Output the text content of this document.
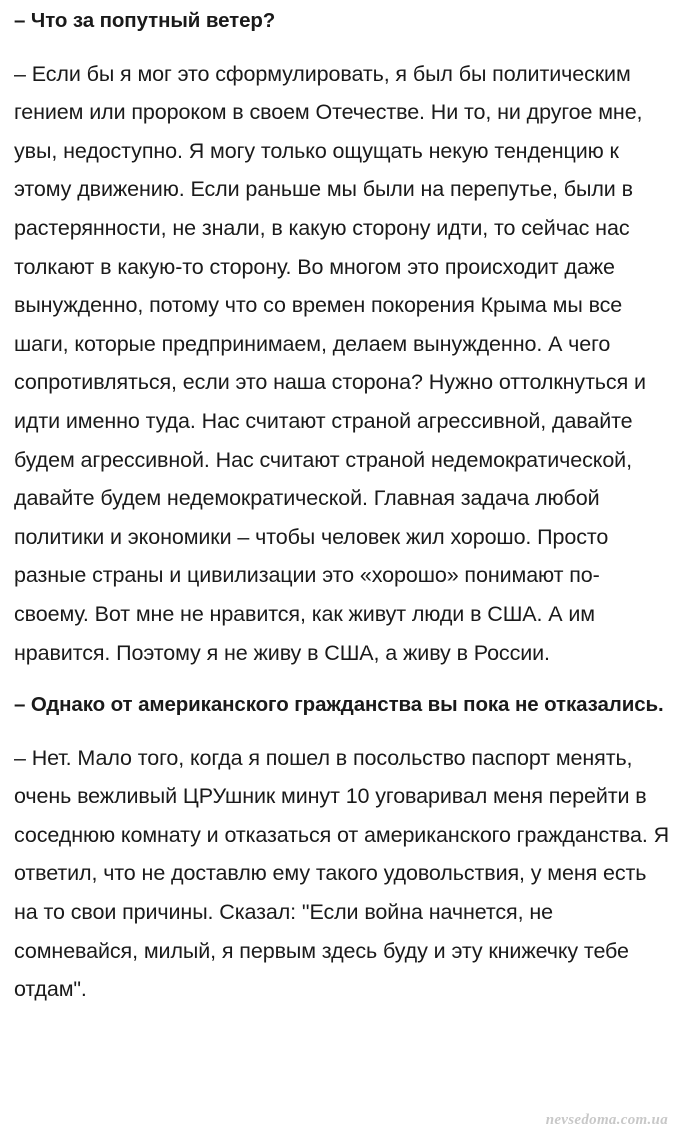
– Что за попутный ветер?

– Если бы я мог это сформулировать, я был бы политическим гением или пророком в своем Отечестве. Ни то, ни другое мне, увы, недоступно. Я могу только ощущать некую тенденцию к этому движению. Если раньше мы были на перепутье, были в растерянности, не знали, в какую сторону идти, то сейчас нас толкают в какую-то сторону. Во многом это происходит даже вынужденно, потому что со времен покорения Крыма мы все шаги, которые предпринимаем, делаем вынужденно. А чего сопротивляться, если это наша сторона? Нужно оттолкнуться и идти именно туда. Нас считают страной агрессивной, давайте будем агрессивной. Нас считают страной недемократической, давайте будем недемократической. Главная задача любой политики и экономики – чтобы человек жил хорошо. Просто разные страны и цивилизации это «хорошо» понимают по-своему. Вот мне не нравится, как живут люди в США. А им нравится. Поэтому я не живу в США, а живу в России.

– Однако от американского гражданства вы пока не отказались.

– Нет. Мало того, когда я пошел в посольство паспорт менять, очень вежливый ЦРУшник минут 10 уговаривал меня перейти в соседнюю комнату и отказаться от американского гражданства. Я ответил, что не доставлю ему такого удовольствия, у меня есть на то свои причины. Сказал: "Если война начнется, не сомневайся, милый, я первым здесь буду и эту книжечку тебе отдам".

nevsedoma.com.ua
